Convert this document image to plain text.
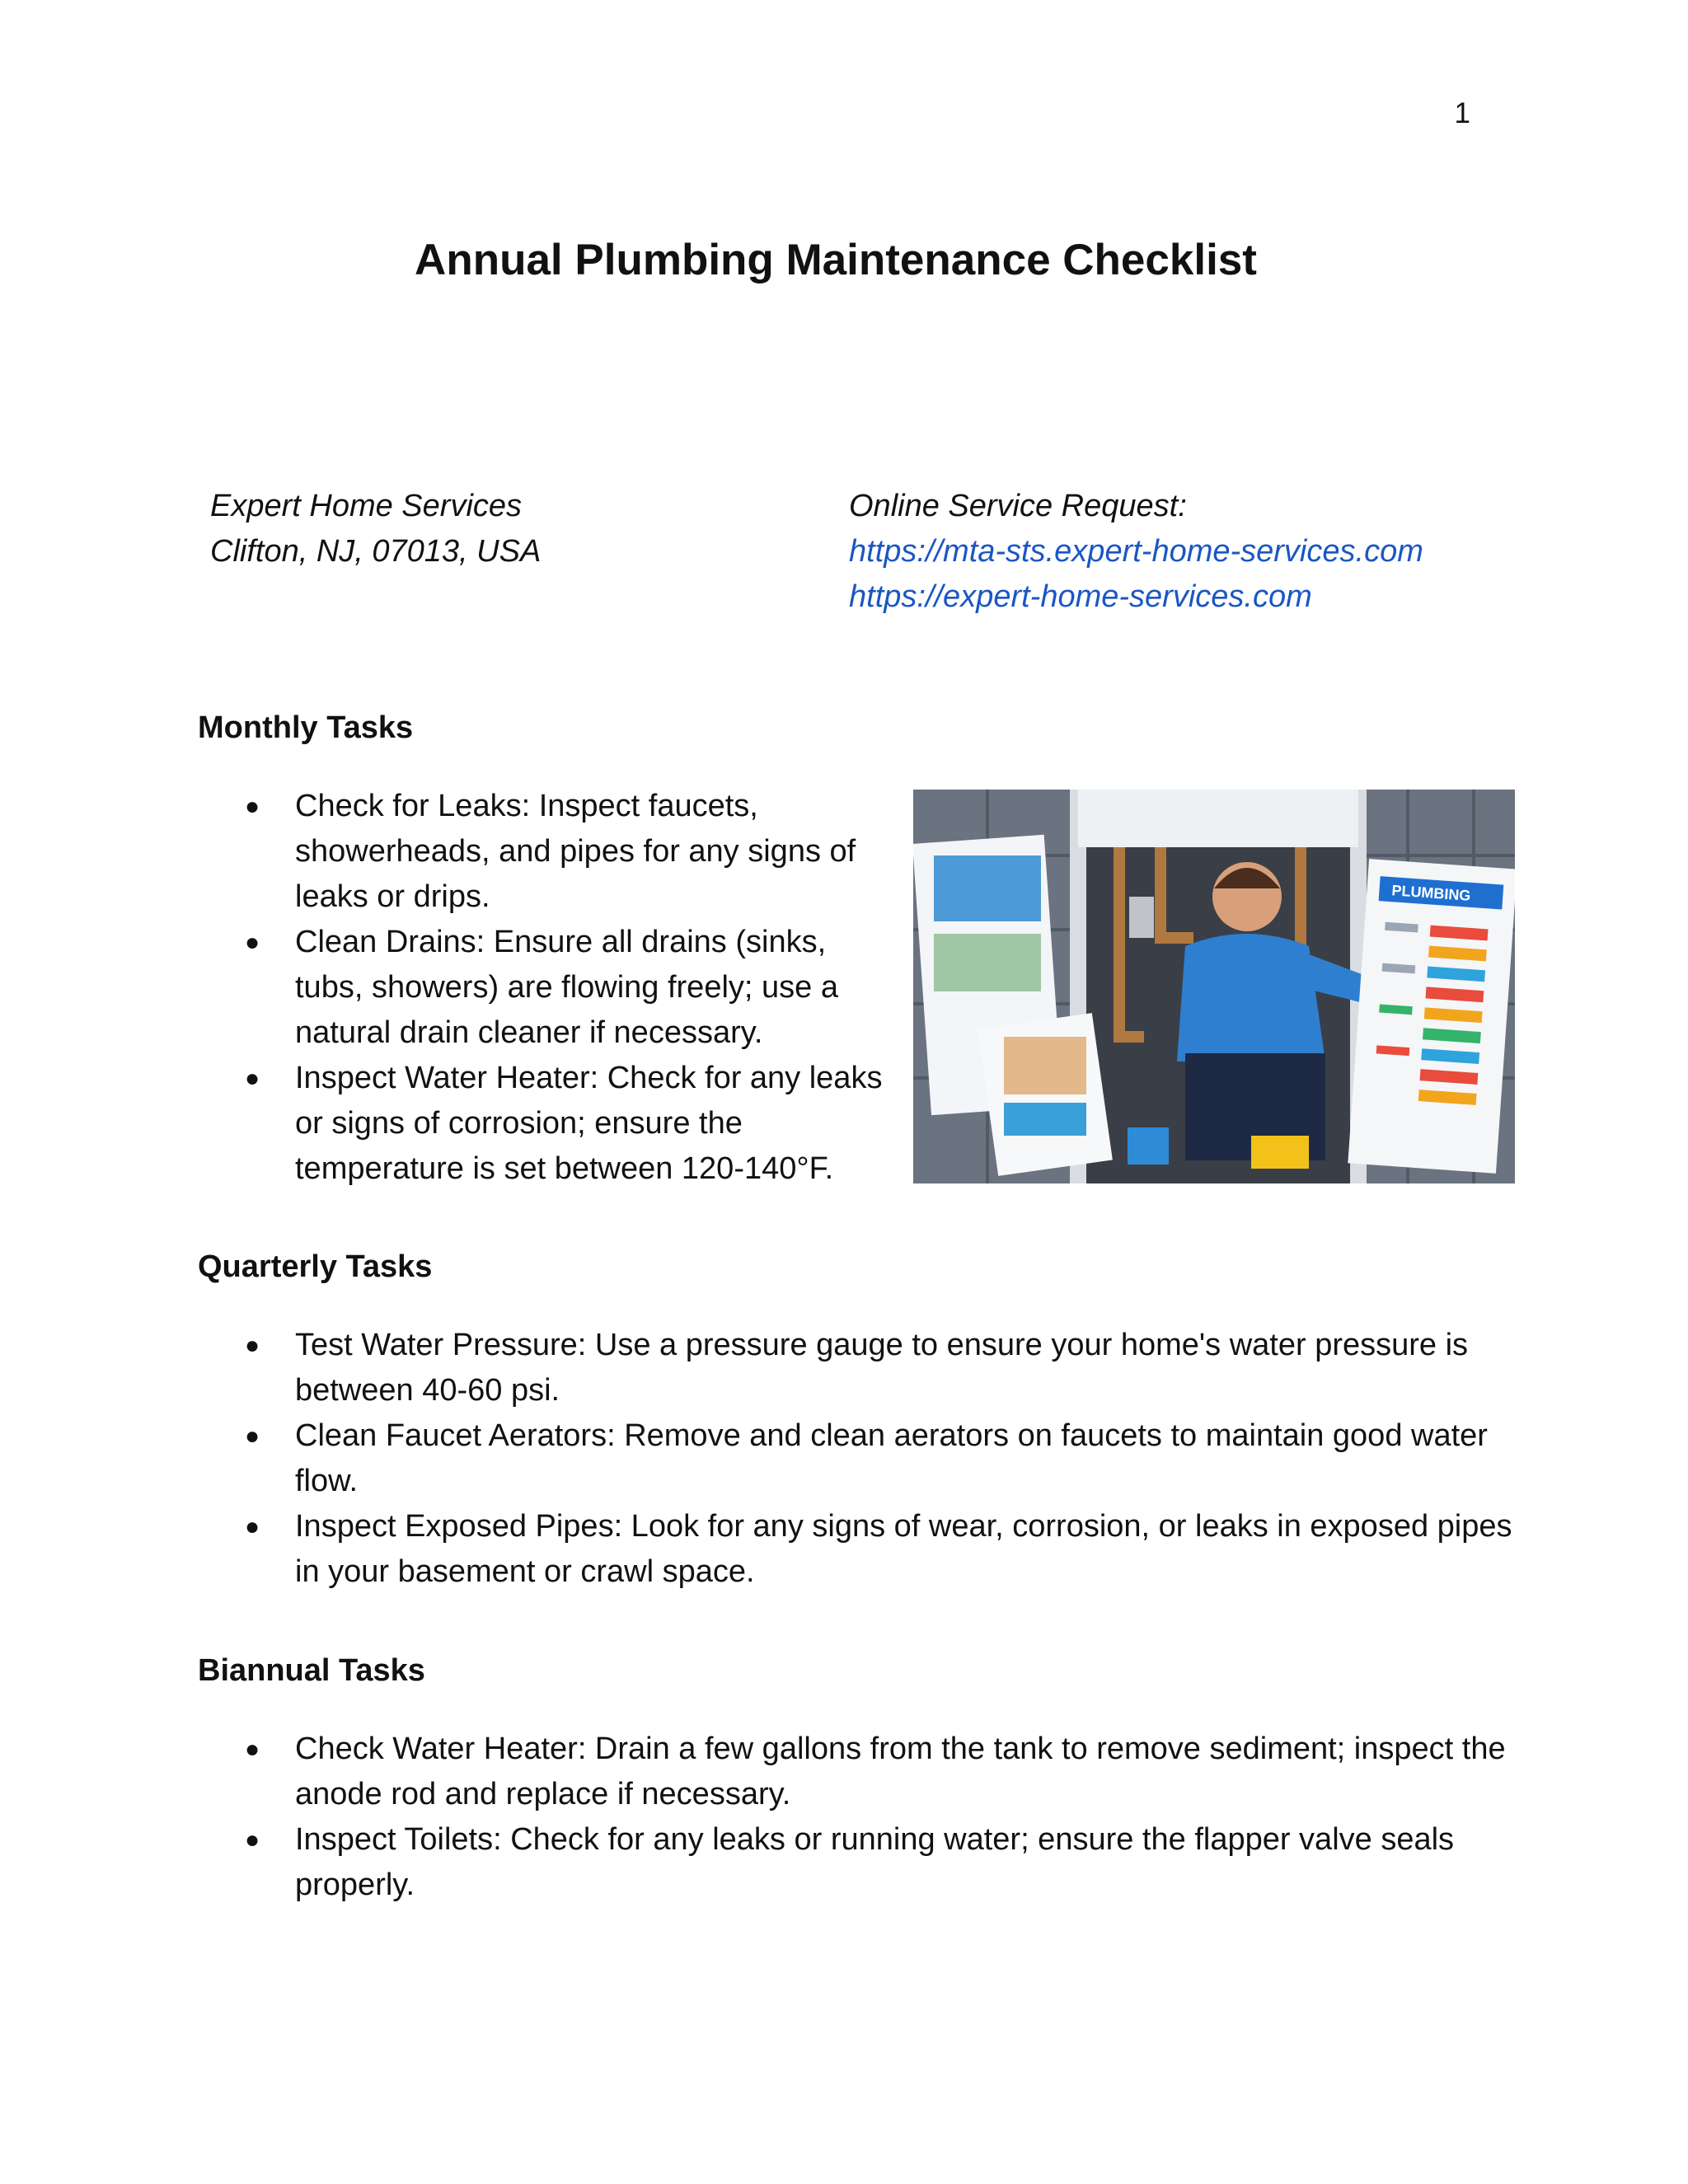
1
Annual Plumbing Maintenance Checklist
Expert Home Services
Clifton, NJ, 07013, USA
Online Service Request:
https://mta-sts.expert-home-services.com
https://expert-home-services.com
Monthly Tasks
● Check for Leaks: Inspect faucets, showerheads, and pipes for any signs of leaks or drips.
● Clean Drains: Ensure all drains (sinks, tubs, showers) are flowing freely; use a natural drain cleaner if necessary.
● Inspect Water Heater: Check for any leaks or signs of corrosion; ensure the temperature is set between 120-140°F.
PLUMBING
Quarterly Tasks
● Test Water Pressure: Use a pressure gauge to ensure your home's water pressure is between 40-60 psi.
● Clean Faucet Aerators: Remove and clean aerators on faucets to maintain good water flow.
● Inspect Exposed Pipes: Look for any signs of wear, corrosion, or leaks in exposed pipes in your basement or crawl space.
Biannual Tasks
● Check Water Heater: Drain a few gallons from the tank to remove sediment; inspect the anode rod and replace if necessary.
● Inspect Toilets: Check for any leaks or running water; ensure the flapper valve seals properly.
